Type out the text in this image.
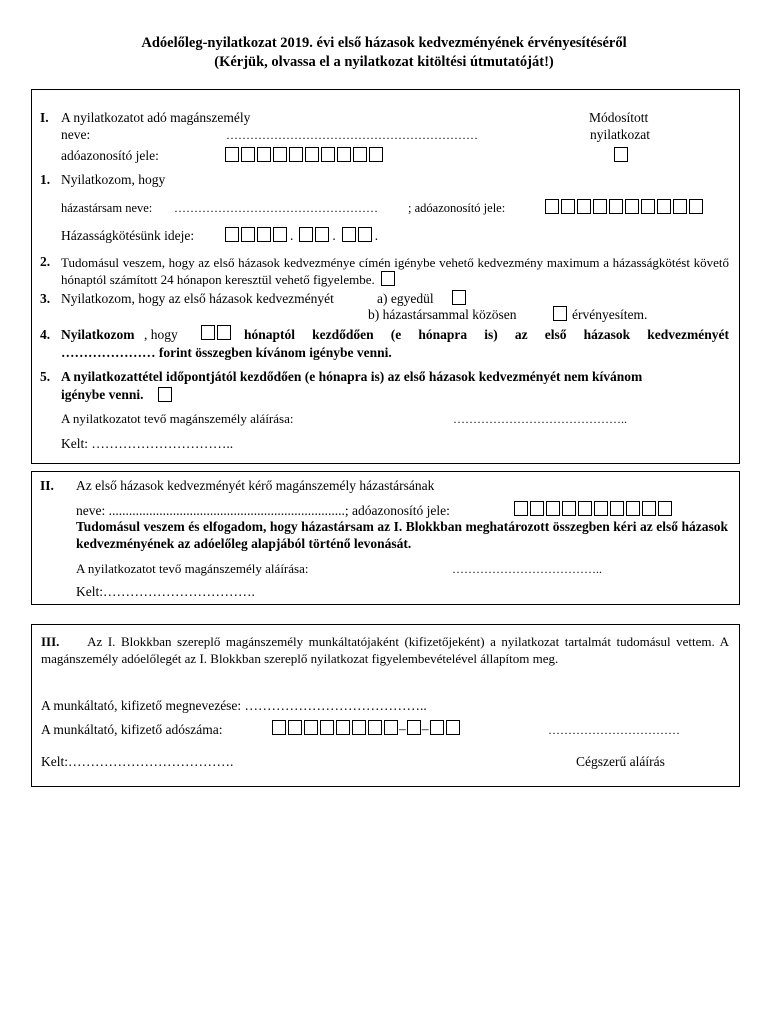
Adóelőleg-nyilatkozat 2019. évi első házasok kedvezményének érvényesítéséről
(Kérjük, olvassa el a nyilatkozat kitöltési útmutatóját!)
I. A nyilatkozatot adó magánszemély	Módosított
neve:	………………………………………………………	nyilatkozat
adóazonosító jele:
1. Nyilatkozom, hogy
házastársam neve: …………………………………………… ; adóazonosító jele:
Házasságkötésünk ideje:	.	.	.
2. Tudomásul veszem, hogy az első házasok kedvezménye címén igénybe vehető kedvezmény maximum a házasságkötést követő hónaptól számított 24 hónapon keresztül vehető figyelembe.
3. Nyilatkozom, hogy az első házasok kedvezményét	a) egyedül
b) házastársammal közösen	érvényesítem.
4. Nyilatkozom , hogy	hónaptól kezdődően (e hónapra is) az első házasok kedvezményét
………………… forint összegben kívánom igénybe venni.
5. A nyilatkozattétel időpontjától kezdődően (e hónapra is) az első házasok kedvezményét nem kívánom
igénybe venni.
A nyilatkozatot tevő magánszemély aláírása:	……………………………………..
Kelt: …………………………..
II. Az első házasok kedvezményét kérő magánszemély házastársának
neve: ......................................................................; adóazonosító jele:
Tudomásul veszem és elfogadom, hogy házastársam az I. Blokkban meghatározott összegben kéri az első házasok kedvezményének az adóelőleg alapjából történő levonását.
A nyilatkozatot tevő magánszemély aláírása:	………………………………..
Kelt:…………………………….
III. Az I. Blokkban szereplő magánszemély munkáltatójaként (kifizetőjeként) a nyilatkozat tartalmát tudomásul vettem. A magánszemély adóelőlegét az I. Blokkban szereplő nyilatkozat figyelembevételével állapítom meg.
A munkáltató, kifizető megnevezése: …………………………………..
A munkáltató, kifizető adószáma:	– –	……………………………
Kelt:……………………………….	Cégszerű aláírás
